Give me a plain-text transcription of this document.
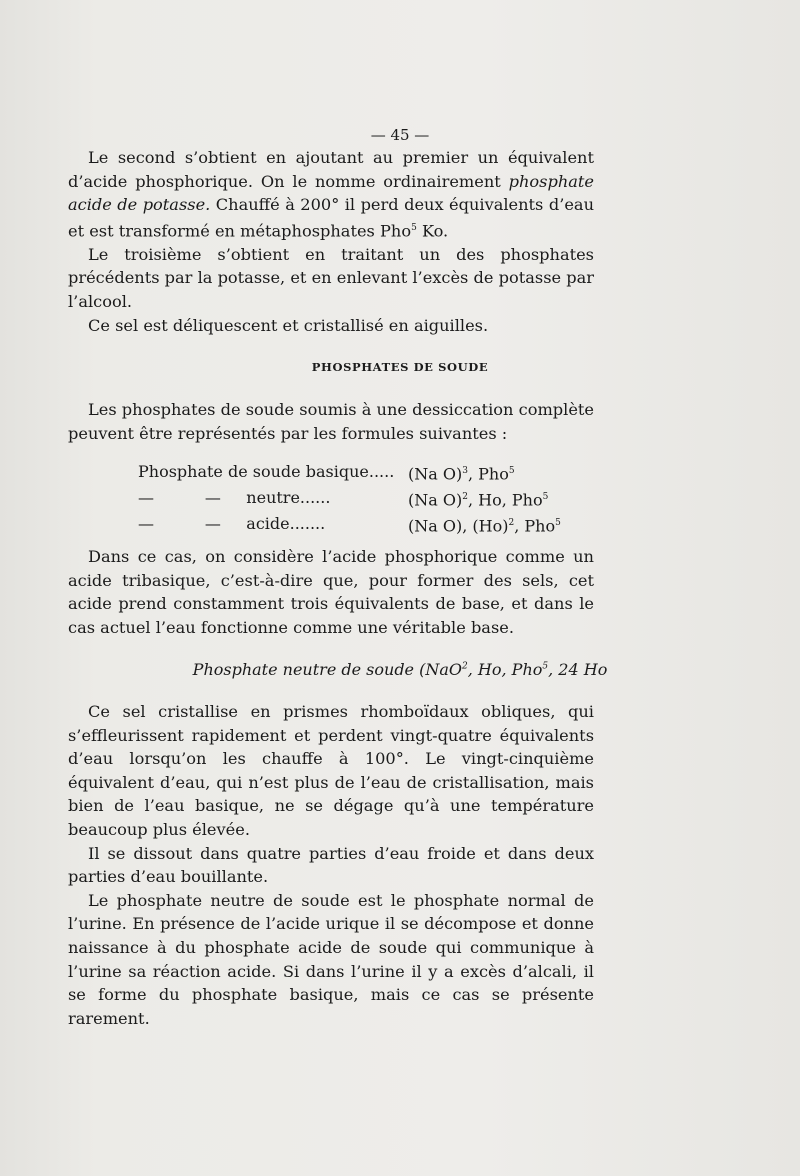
— 45 —

Le second s’obtient en ajoutant au premier un équivalent d’acide phosphorique. On le nomme ordinairement phosphate acide de potasse. Chauffé à 200° il perd deux équivalents d’eau et est transformé en métaphosphates Pho$^5$ Ko.

Le troisième s’obtient en traitant un des phosphates précédents par la potasse, et en enlevant l’excès de potasse par l’alcool.

Ce sel est déliquescent et cristallisé en aiguilles.

PHOSPHATES DE SOUDE

Les phosphates de soude soumis à une dessiccation complète peuvent être représentés par les formules suivantes :

Phosphate de soude basique..... (Na O)$^3$, Pho$^5$
—          —     neutre......	(Na O)$^2$, Ho, Pho$^5$
—          —     acide.......	(Na O), $(Ho)^2$, Pho$^5$

Dans ce cas, on considère l’acide phosphorique comme un acide tribasique, c’est-à-dire que, pour former des sels, cet acide prend constamment trois équivalents de base, et dans le cas actuel l’eau fonctionne comme une véritable base.

Phosphate neutre de soude (NaO$^2$, Ho, Pho$^5$, 24 Ho

Ce sel cristallise en prismes rhomboïdaux obliques, qui s’effleurissent rapidement et perdent vingt-quatre équivalents d’eau lorsqu’on les chauffe à 100°. Le vingt-cinquième équivalent d’eau, qui n’est plus de l’eau de cristallisation, mais bien de l’eau basique, ne se dégage qu’à une température beaucoup plus élevée.

Il se dissout dans quatre parties d’eau froide et dans deux parties d’eau bouillante.

Le phosphate neutre de soude est le phosphate normal de l’urine. En présence de l’acide urique il se décompose et donne naissance à du phosphate acide de soude qui communique à l’urine sa réaction acide. Si dans l’urine il y a excès d’alcali, il se forme du phosphate basique, mais ce cas se présente rarement.
